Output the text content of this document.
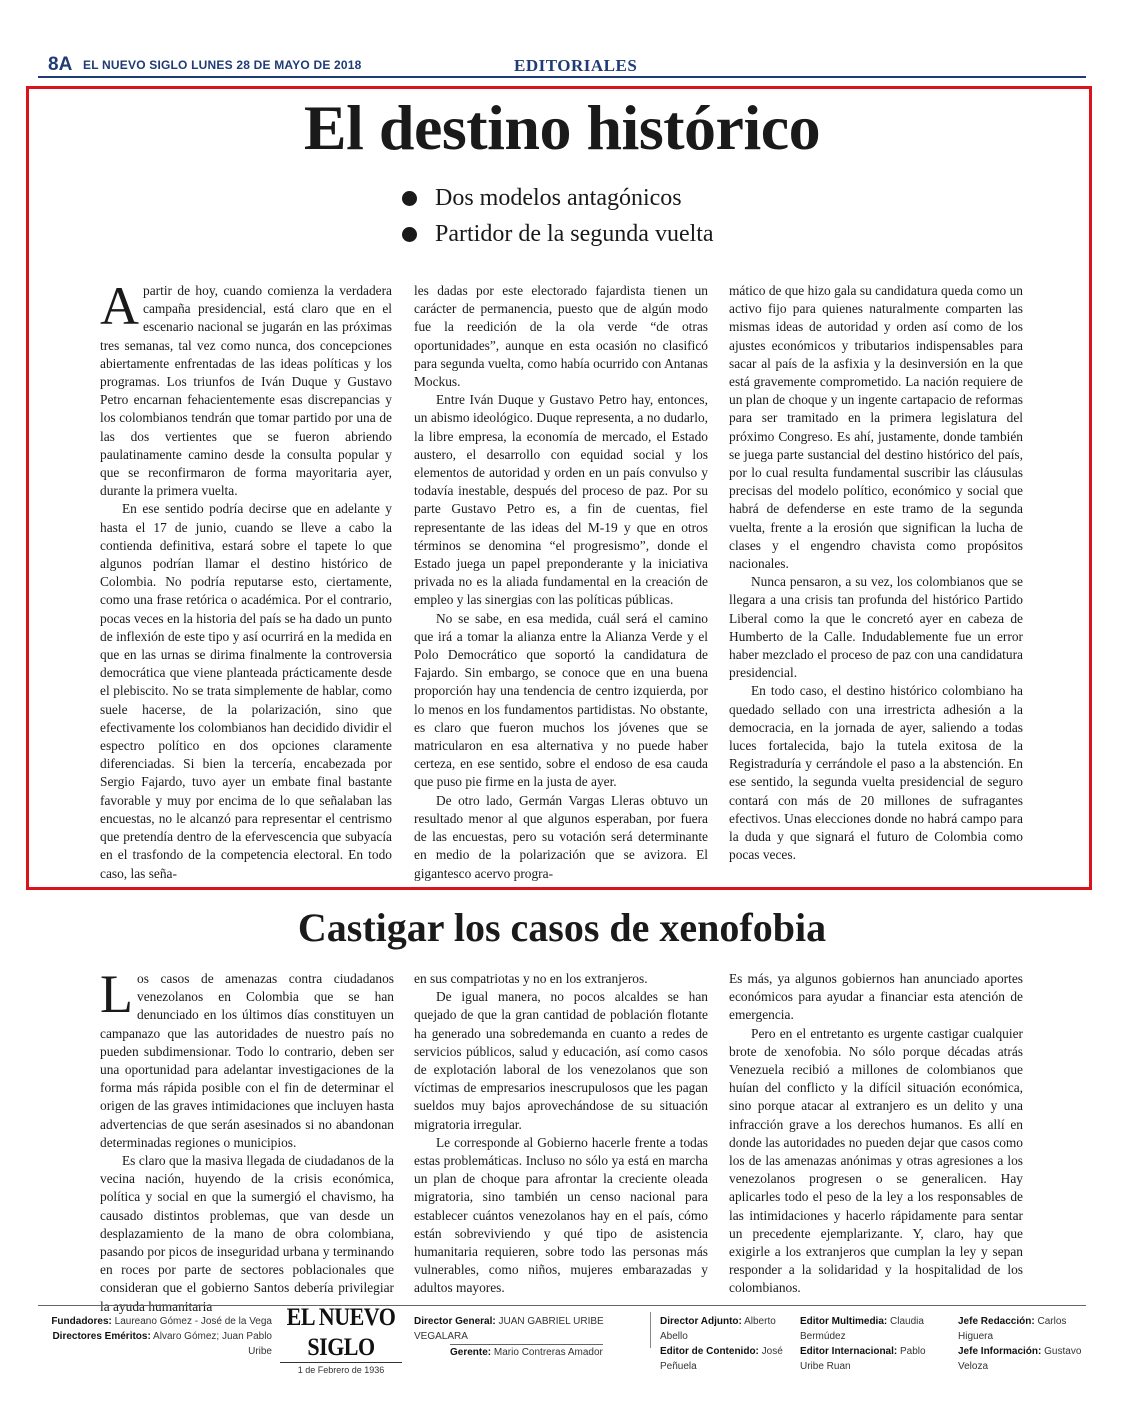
8A EL NUEVO SIGLO LUNES 28 DE MAYO DE 2018	EDITORIALES
El destino histórico
Dos modelos antagónicos
Partidor de la segunda vuelta

Apartir de hoy, cuando comienza la verdadera campaña presidencial, está claro que en el escenario nacional se jugarán en las próximas tres semanas, tal vez como nunca, dos concepciones abiertamente enfrentadas de las ideas políticas y los programas. Los triunfos de Iván Duque y Gustavo Petro encarnan fehacientemente esas discrepancias y los colombianos tendrán que tomar partido por una de las dos vertientes que se fueron abriendo paulatinamente camino desde la consulta popular y que se reconfirmaron de forma mayoritaria ayer, durante la primera vuelta.

En ese sentido podría decirse que en adelante y hasta el 17 de junio, cuando se lleve a cabo la contienda definitiva, estará sobre el tapete lo que algunos podrían llamar el destino histórico de Colombia. No podría reputarse esto, ciertamente, como una frase retórica o académica. Por el contrario, pocas veces en la historia del país se ha dado un punto de inflexión de este tipo y así ocurrirá en la medida en que en las urnas se dirima finalmente la controversia democrática que viene planteada prácticamente desde el plebiscito. No se trata simplemente de hablar, como suele hacerse, de la polarización, sino que efectivamente los colombianos han decidido dividir el espectro político en dos opciones claramente diferenciadas. Si bien la tercería, encabezada por Sergio Fajardo, tuvo ayer un embate final bastante favorable y muy por encima de lo que señalaban las encuestas, no le alcanzó para representar el centrismo que pretendía dentro de la efervescencia que subyacía en el trasfondo de la competencia electoral. En todo caso, las seña-

les dadas por este electorado fajardista tienen un carácter de permanencia, puesto que de algún modo fue la reedición de la ola verde “de otras oportunidades”, aunque en esta ocasión no clasificó para segunda vuelta, como había ocurrido con Antanas Mockus.

Entre Iván Duque y Gustavo Petro hay, entonces, un abismo ideológico. Duque representa, a no dudarlo, la libre empresa, la economía de mercado, el Estado austero, el desarrollo con equidad social y los elementos de autoridad y orden en un país convulso y todavía inestable, después del proceso de paz. Por su parte Gustavo Petro es, a fin de cuentas, fiel representante de las ideas del M-19 y que en otros términos se denomina “el progresismo”, donde el Estado juega un papel preponderante y la iniciativa privada no es la aliada fundamental en la creación de empleo y las sinergias con las políticas públicas.

No se sabe, en esa medida, cuál será el camino que irá a tomar la alianza entre la Alianza Verde y el Polo Democrático que soportó la candidatura de Fajardo. Sin embargo, se conoce que en una buena proporción hay una tendencia de centro izquierda, por lo menos en los fundamentos partidistas. No obstante, es claro que fueron muchos los jóvenes que se matricularon en esa alternativa y no puede haber certeza, en ese sentido, sobre el endoso de esa cauda que puso pie firme en la justa de ayer.

De otro lado, Germán Vargas Lleras obtuvo un resultado menor al que algunos esperaban, por fuera de las encuestas, pero su votación será determinante en medio de la polarización que se avizora. El gigantesco acervo progra-

mático de que hizo gala su candidatura queda como un activo fijo para quienes naturalmente comparten las mismas ideas de autoridad y orden así como de los ajustes económicos y tributarios indispensables para sacar al país de la asfixia y la desinversión en la que está gravemente comprometido. La nación requiere de un plan de choque y un ingente cartapacio de reformas para ser tramitado en la primera legislatura del próximo Congreso. Es ahí, justamente, donde también se juega parte sustancial del destino histórico del país, por lo cual resulta fundamental suscribir las cláusulas precisas del modelo político, económico y social que habrá de defenderse en este tramo de la segunda vuelta, frente a la erosión que significan la lucha de clases y el engendro chavista como propósitos nacionales.

Nunca pensaron, a su vez, los colombianos que se llegara a una crisis tan profunda del histórico Partido Liberal como la que le concretó ayer en cabeza de Humberto de la Calle. Indudablemente fue un error haber mezclado el proceso de paz con una candidatura presidencial.

En todo caso, el destino histórico colombiano ha quedado sellado con una irrestricta adhesión a la democracia, en la jornada de ayer, saliendo a todas luces fortalecida, bajo la tutela exitosa de la Registraduría y cerrándole el paso a la abstención. En ese sentido, la segunda vuelta presidencial de seguro contará con más de 20 millones de sufragantes efectivos. Unas elecciones donde no habrá campo para la duda y que signará el futuro de Colombia como pocas veces.

Castigar los casos de xenofobia

Los casos de amenazas contra ciudadanos venezolanos en Colombia que se han denunciado en los últimos días constituyen un campanazo que las autoridades de nuestro país no pueden subdimensionar. Todo lo contrario, deben ser una oportunidad para adelantar investigaciones de la forma más rápida posible con el fin de determinar el origen de las graves intimidaciones que incluyen hasta advertencias de que serán asesinados si no abandonan determinadas regiones o municipios.

Es claro que la masiva llegada de ciudadanos de la vecina nación, huyendo de la crisis económica, política y social en que la sumergió el chavismo, ha causado distintos problemas, que van desde un desplazamiento de la mano de obra colombiana, pasando por picos de inseguridad urbana y terminando en roces por parte de sectores poblacionales que consideran que el gobierno Santos debería privilegiar la ayuda humanitaria

en sus compatriotas y no en los extranjeros.

De igual manera, no pocos alcaldes se han quejado de que la gran cantidad de población flotante ha generado una sobredemanda en cuanto a redes de servicios públicos, salud y educación, así como casos de explotación laboral de los venezolanos que son víctimas de empresarios inescrupulosos que les pagan sueldos muy bajos aprovechándose de su situación migratoria irregular.

Le corresponde al Gobierno hacerle frente a todas estas problemáticas. Incluso no sólo ya está en marcha un plan de choque para afrontar la creciente oleada migratoria, sino también un censo nacional para establecer cuántos venezolanos hay en el país, cómo están sobreviviendo y qué tipo de asistencia humanitaria requieren, sobre todo las personas más vulnerables, como niños, mujeres embarazadas y adultos mayores.

Es más, ya algunos gobiernos han anunciado aportes económicos para ayudar a financiar esta atención de emergencia.

Pero en el entretanto es urgente castigar cualquier brote de xenofobia. No sólo porque décadas atrás Venezuela recibió a millones de colombianos que huían del conflicto y la difícil situación económica, sino porque atacar al extranjero es un delito y una infracción grave a los derechos humanos. Es allí en donde las autoridades no pueden dejar que casos como los de las amenazas anónimas y otras agresiones a los venezolanos progresen o se generalicen. Hay aplicarles todo el peso de la ley a los responsables de las intimidaciones y hacerlo rápidamente para sentar un precedente ejemplarizante. Y, claro, hay que exigirle a los extranjeros que cumplan la ley y sepan responder a la solidaridad y la hospitalidad de los colombianos.

Fundadores: Laureano Gómez - José de la Vega
Directores Eméritos: Alvaro Gómez; Juan Pablo Uribe
EL NUEVO SIGLO
1 de Febrero de 1936
Director General: JUAN GABRIEL URIBE VEGALARA
Gerente: Mario Contreras Amador
Director Adjunto: Alberto Abello
Editor de Contenido: José Peñuela
Editor Multimedia: Claudia Bermúdez
Editor Internacional: Pablo Uribe Ruan
Jefe Redacción: Carlos Higuera
Jefe Información: Gustavo Veloza
